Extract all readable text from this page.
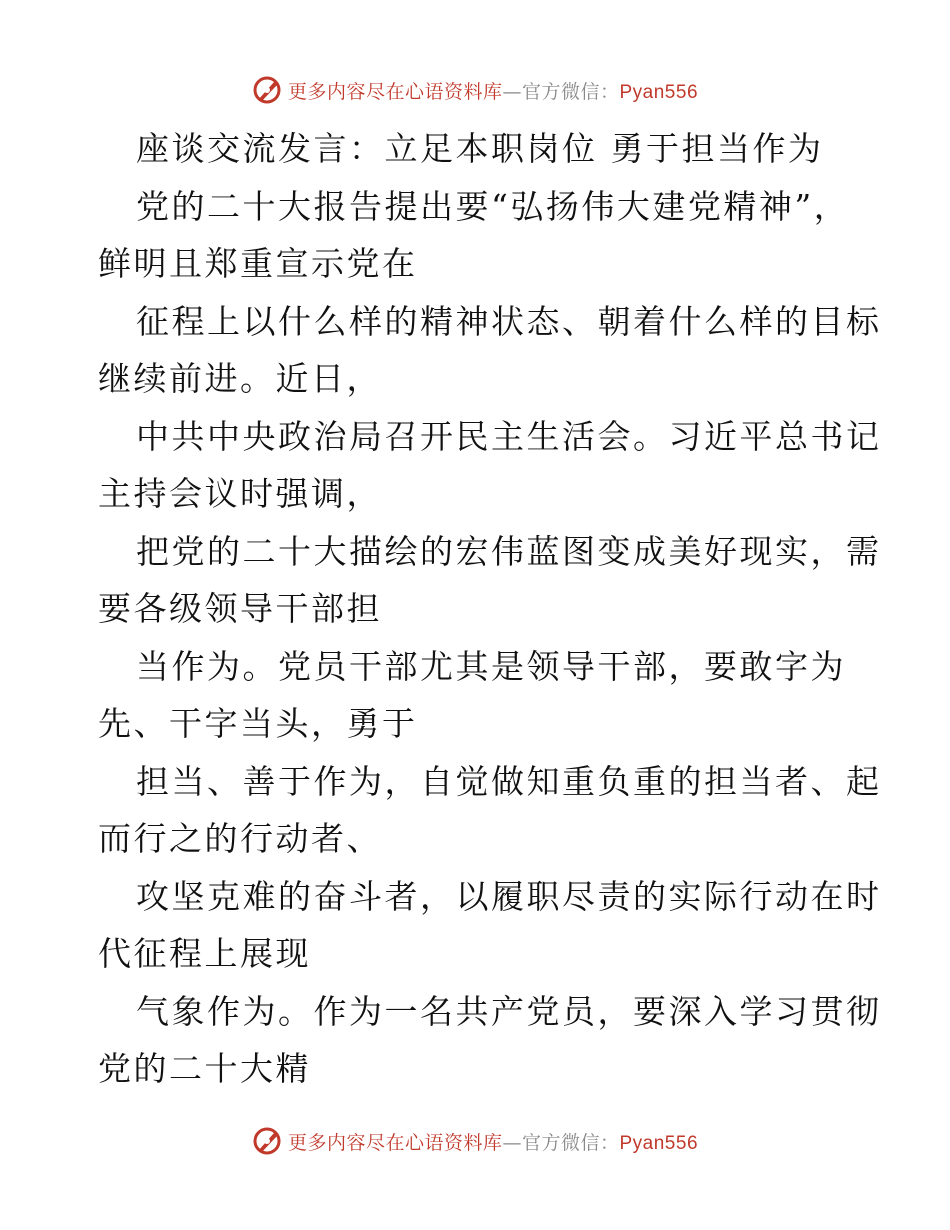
更多内容尽在心语资料库—官方微信：Pyan556
座谈交流发言：立足本职岗位 勇于担当作为
党的二十大报告提出要“弘扬伟大建党精神”，
鲜明且郑重宣示党在
征程上以什么样的精神状态、朝着什么样的目标
继续前进。近日，
中共中央政治局召开民主生活会。习近平总书记
主持会议时强调，
把党的二十大描绘的宏伟蓝图变成美好现实，需
要各级领导干部担
当作为。党员干部尤其是领导干部，要敢字为
先、干字当头，勇于
担当、善于作为，自觉做知重负重的担当者、起
而行之的行动者、
攻坚克难的奋斗者，以履职尽责的实际行动在时
代征程上展现
气象作为。作为一名共产党员，要深入学习贯彻
党的二十大精
更多内容尽在心语资料库—官方微信：Pyan556
